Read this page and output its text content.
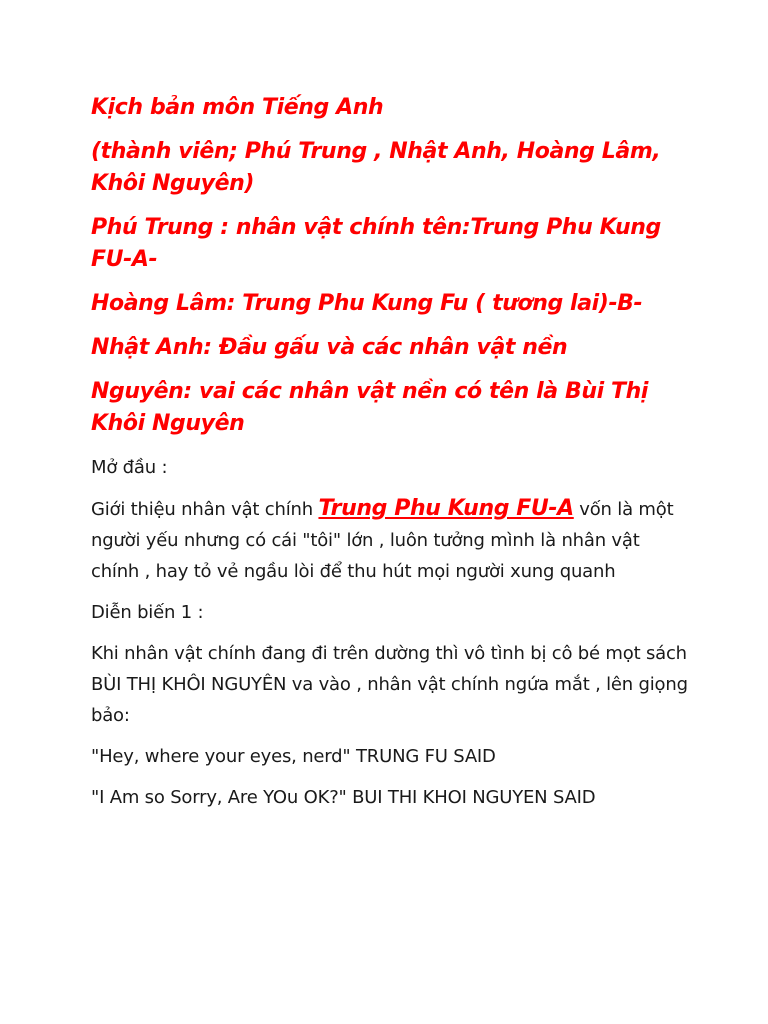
Kịch bản môn Tiếng Anh

(thành viên; Phú Trung , Nhật Anh, Hoàng Lâm, Khôi Nguyên)

Phú Trung : nhân vật chính tên:Trung Phu Kung FU-A-

Hoàng Lâm: Trung Phu Kung Fu ( tương lai)-B-

Nhật Anh: Đầu gấu và các nhân vật nền

Nguyên: vai các nhân vật nền có tên là Bùi Thị Khôi Nguyên

Mở đầu :

Giới thiệu nhân vật chính Trung Phu Kung FU-A vốn là một người yếu nhưng có cái "tôi" lớn , luôn tưởng mình là nhân vật chính , hay tỏ vẻ ngầu lòi để thu hút mọi người xung quanh

Diễn biến 1 :

Khi nhân vật chính đang đi trên dường thì vô tình bị cô bé mọt sách BÙI THỊ KHÔI NGUYÊN va vào , nhân vật chính ngứa mắt , lên giọng bảo:

"Hey, where your eyes, nerd" TRUNG FU SAID

"I Am so Sorry, Are YOu OK?" BUI THI KHOI NGUYEN SAID
